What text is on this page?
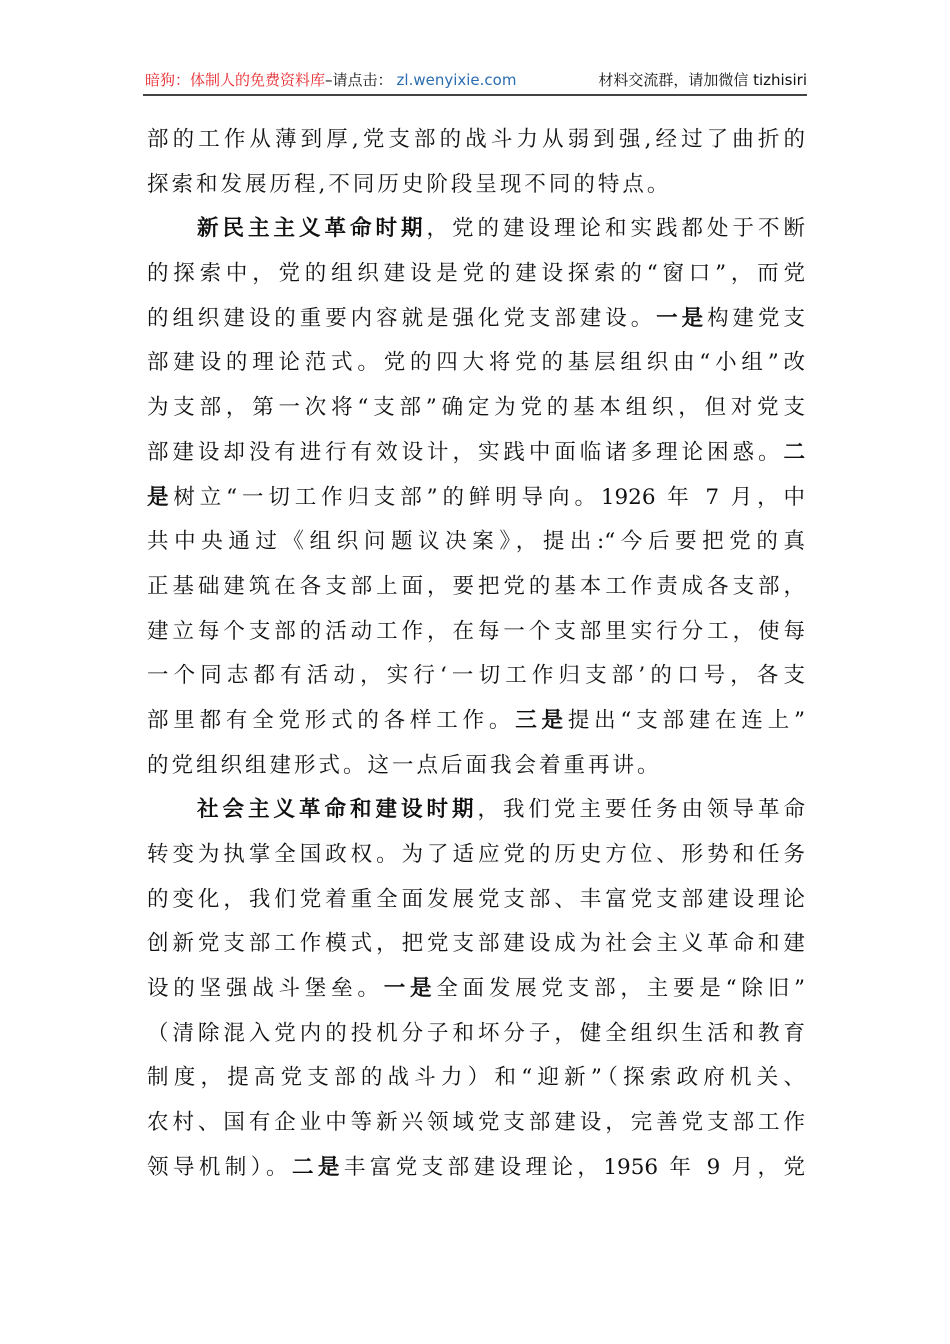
暗狗：体制人的免费资料库–请点击： zl.wenyixie.com	材料交流群，请加微信 tizhisiri
部的工作从薄到厚,党支部的战斗力从弱到强,经过了曲折的
探索和发展历程,不同历史阶段呈现不同的特点。
新民主主义革命时期，党的建设理论和实践都处于不断
的探索中，党的组织建设是党的建设探索的“窗口”，而党
的组织建设的重要内容就是强化党支部建设。一是构建党支
部建设的理论范式。党的四大将党的基层组织由“小组”改
为支部，第一次将“支部”确定为党的基本组织，但对党支
部建设却没有进行有效设计，实践中面临诸多理论困惑。二
是树立“一切工作归支部”的鲜明导向。1926 年 7 月，中
共中央通过《组织问题议决案》，提出:“今后要把党的真
正基础建筑在各支部上面，要把党的基本工作责成各支部，
建立每个支部的活动工作，在每一个支部里实行分工，使每
一个同志都有活动，实行‘一切工作归支部’的口号，各支
部里都有全党形式的各样工作。三是提出“支部建在连上”
的党组织组建形式。这一点后面我会着重再讲。
社会主义革命和建设时期，我们党主要任务由领导革命
转变为执掌全国政权。为了适应党的历史方位、形势和任务
的变化，我们党着重全面发展党支部、丰富党支部建设理论
创新党支部工作模式，把党支部建设成为社会主义革命和建
设的坚强战斗堡垒。一是全面发展党支部，主要是“除旧”
（清除混入党内的投机分子和坏分子，健全组织生活和教育
制度，提高党支部的战斗力）和“迎新”（探索政府机关、
农村、国有企业中等新兴领域党支部建设，完善党支部工作
领导机制）。二是丰富党支部建设理论，1956 年 9 月，党
